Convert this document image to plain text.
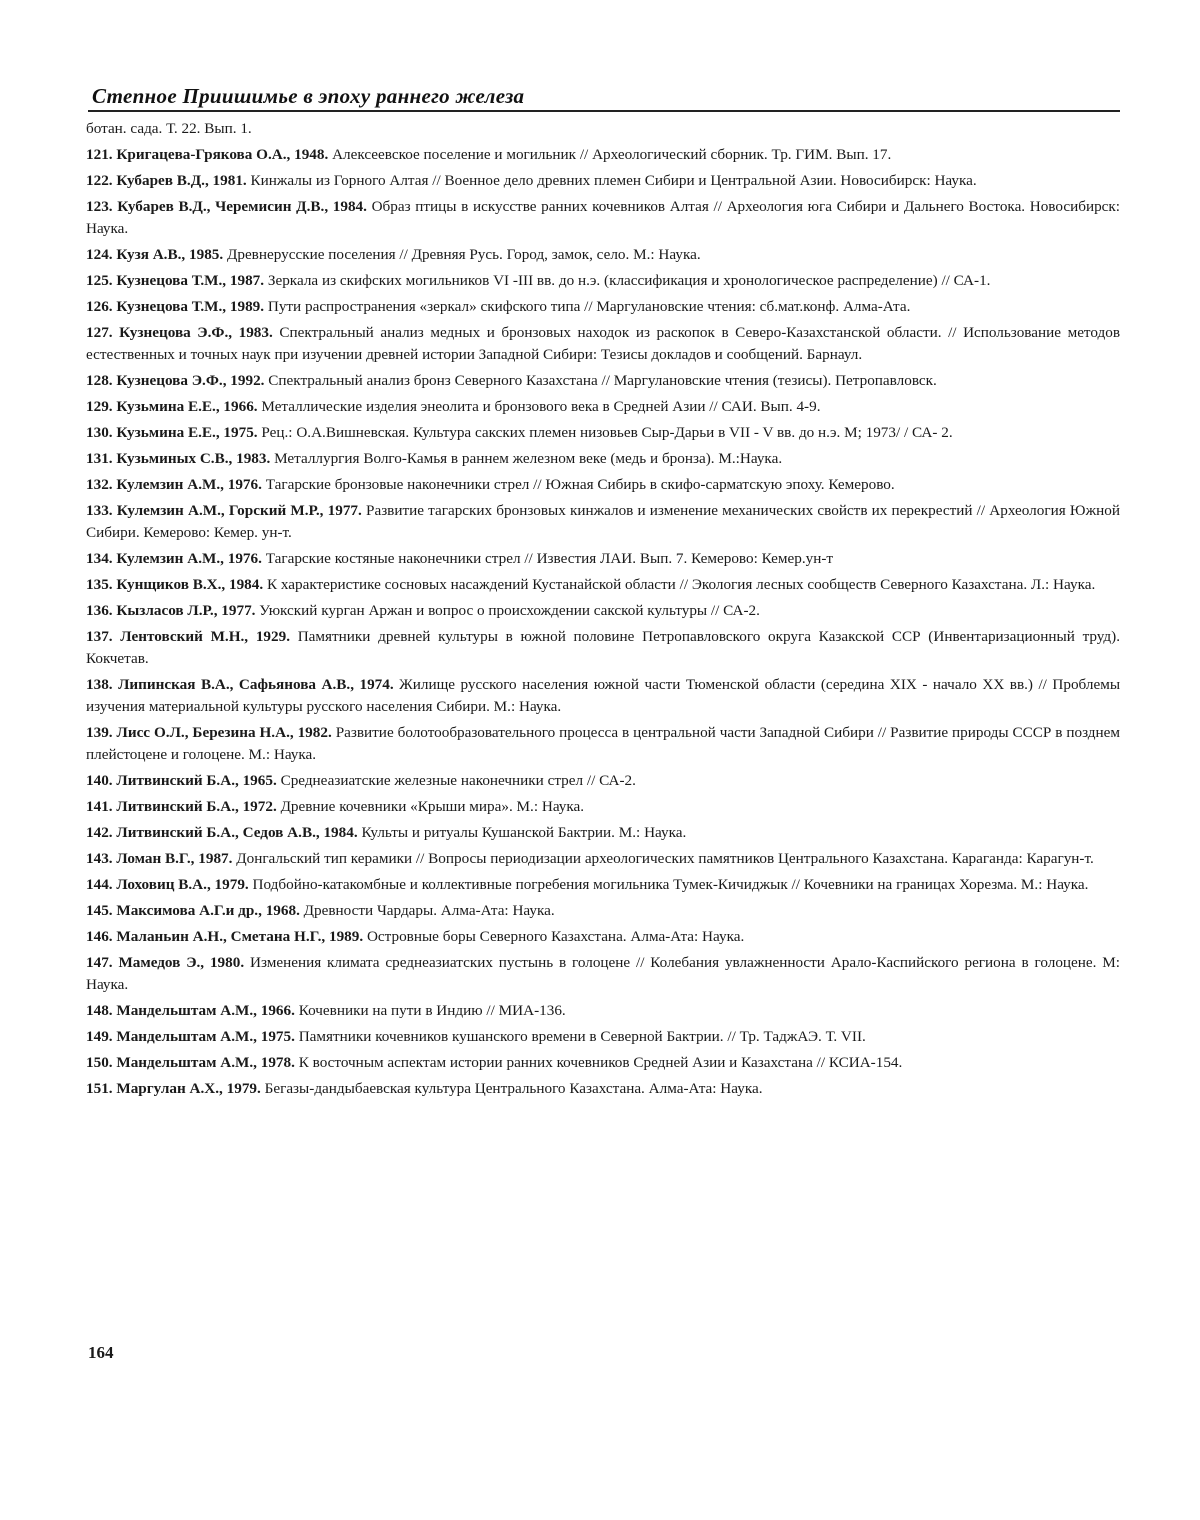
Степное Приишимье в эпоху раннего железа
ботан. сада. Т. 22. Вып. 1.
121. Кригацева-Грякова О.А., 1948. Алексеевское поселение и могильник // Археологический сборник. Тр. ГИМ. Вып. 17.
122. Кубарев В.Д., 1981. Кинжалы из Горного Алтая // Военное дело древних племен Сибири и Центральной Азии. Новосибирск: Наука.
123. Кубарев В.Д., Черемисин Д.В., 1984. Образ птицы в искусстве ранних кочевников Алтая // Археология юга Сибири и Дальнего Востока. Новосибирск: Наука.
124. Кузя А.В., 1985. Древнерусские поселения // Древняя Русь. Город, замок, село. М.: Наука.
125. Кузнецова Т.М., 1987. Зеркала из скифских могильников VI -III вв. до н.э. (классификация и хронологическое распределение) // СА-1.
126. Кузнецова Т.М., 1989. Пути распространения «зеркал» скифского типа // Маргулановские чтения: сб.мат.конф. Алма-Ата.
127. Кузнецова Э.Ф., 1983. Спектральный анализ медных и бронзовых находок из раскопок в Северо-Казахстанской области. // Использование методов естественных и точных наук при изучении древней истории Западной Сибири: Тезисы докладов и сообщений. Барнаул.
128. Кузнецова Э.Ф., 1992. Спектральный анализ бронз Северного Казахстана // Маргулановские чтения (тезисы). Петропавловск.
129. Кузьмина Е.Е., 1966. Металлические изделия энеолита и бронзового века в Средней Азии // САИ. Вып. 4-9.
130. Кузьмина Е.Е., 1975. Рец.: О.А.Вишневская. Культура сакских племен низовьев Сыр-Дарьи в VII - V вв. до н.э. М; 1973/ / СА- 2.
131. Кузьминых С.В., 1983. Металлургия Волго-Камья в раннем железном веке (медь и бронза). М.:Наука.
132. Кулемзин А.М., 1976. Тагарские бронзовые наконечники стрел // Южная Сибирь в скифо-сарматскую эпоху. Кемерово.
133. Кулемзин А.М., Горский М.Р., 1977. Развитие тагарских бронзовых кинжалов и изменение механических свойств их перекрестий // Археология Южной Сибири. Кемерово: Кемер. ун-т.
134. Кулемзин А.М., 1976. Тагарские костяные наконечники стрел // Известия ЛАИ. Вып. 7. Кемерово: Кемер.ун-т
135. Кунщиков В.Х., 1984. К характеристике сосновых насаждений Кустанайской области // Экология лесных сообществ Северного Казахстана. Л.: Наука.
136. Кызласов Л.Р., 1977. Уюкский курган Аржан и вопрос о происхождении сакской культуры // СА-2.
137. Лентовский М.Н., 1929. Памятники древней культуры в южной половине Петропавловского округа Казакской ССР (Инвентаризационный труд). Кокчетав.
138. Липинская В.А., Сафьянова А.В., 1974. Жилище русского населения южной части Тюменской области (середина XIX - начало XX вв.) // Проблемы изучения материальной культуры русского населения Сибири. М.: Наука.
139. Лисс О.Л., Березина Н.А., 1982. Развитие болотообразовательного процесса в центральной части Западной Сибири // Развитие природы СССР в позднем плейстоцене и голоцене. М.: Наука.
140. Литвинский Б.А., 1965. Среднеазиатские железные наконечники стрел // СА-2.
141. Литвинский Б.А., 1972. Древние кочевники «Крыши мира». М.: Наука.
142. Литвинский Б.А., Седов А.В., 1984. Культы и ритуалы Кушанской Бактрии. М.: Наука.
143. Ломан В.Г., 1987. Донгальский тип керамики // Вопросы периодизации археологических памятников Центрального Казахстана. Караганда: Карагун-т.
144. Лоховиц В.А., 1979. Подбойно-катакомбные и коллективные погребения могильника Тумек-Кичиджык // Кочевники на границах Хорезма. М.: Наука.
145. Максимова А.Г.и др., 1968. Древности Чардары. Алма-Ата: Наука.
146. Маланьин А.Н., Сметана Н.Г., 1989. Островные боры Северного Казахстана. Алма-Ата: Наука.
147. Мамедов Э., 1980. Изменения климата среднеазиатских пустынь в голоцене // Колебания увлажненности Арало-Каспийского региона в голоцене. М: Наука.
148. Мандельштам А.М., 1966. Кочевники на пути в Индию // МИА-136.
149. Мандельштам А.М., 1975. Памятники кочевников кушанского времени в Северной Бактрии. // Тр. ТаджАЭ. Т. VII.
150. Мандельштам А.М., 1978. К восточным аспектам истории ранних кочевников Средней Азии и Казахстана // КСИА-154.
151. Маргулан А.Х., 1979. Бегазы-дандыбаевская культура Центрального Казахстана. Алма-Ата: Наука.
164
